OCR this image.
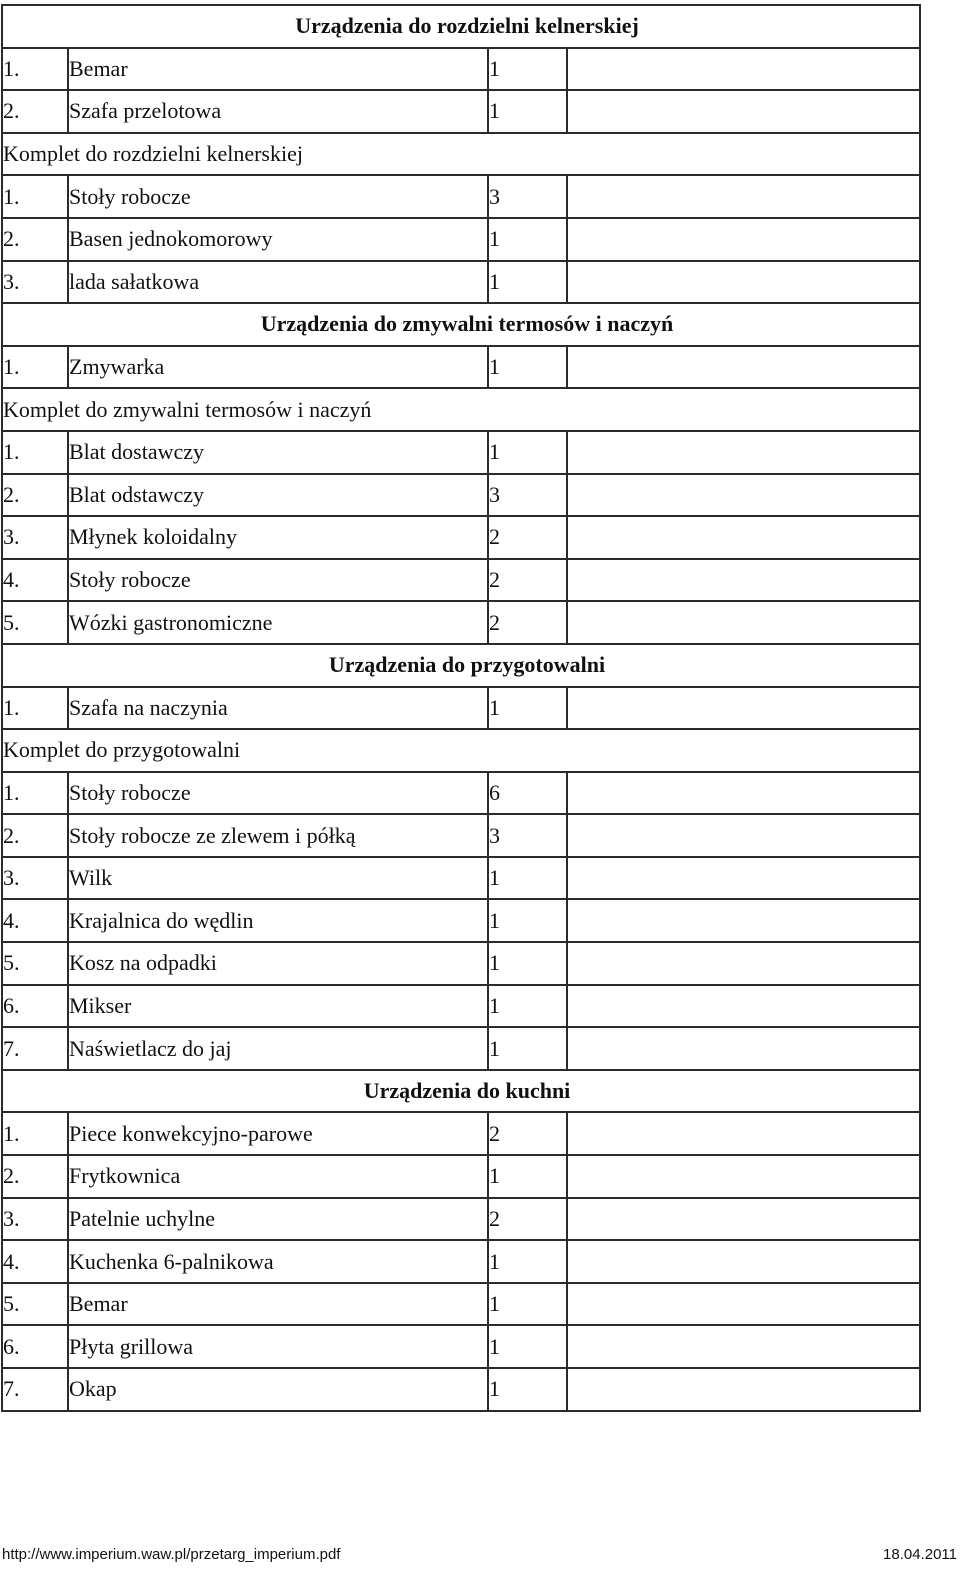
Urządzenia do rozdzielni kelnerskiej			
1.	Bemar	1	
2.	Szafa przelotowa	1	
Komplet do rozdzielni kelnerskiej			
1.	Stoły robocze	3	
2.	Basen jednokomorowy	1	
3.	lada sałatkowa	1	
Urządzenia do zmywalni termosów i naczyń			
1.	Zmywarka	1	
Komplet do zmywalni termosów i naczyń			
1.	Blat dostawczy	1	
2.	Blat odstawczy	3	
3.	Młynek koloidalny	2	
4.	Stoły robocze	2	
5.	Wózki gastronomiczne	2	
Urządzenia do przygotowalni			
1.	Szafa na naczynia	1	
Komplet do przygotowalni			
1.	Stoły robocze	6	
2.	Stoły robocze ze zlewem i półką	3	
3.	Wilk	1	
4.	Krajalnica do wędlin	1	
5.	Kosz na odpadki	1	
6.	Mikser	1	
7.	Naświetlacz do jaj	1	
Urządzenia do kuchni			
1.	Piece konwekcyjno-parowe	2	
2.	Frytkownica	1	
3.	Patelnie uchylne	2	
4.	Kuchenka 6-palnikowa	1	
5.	Bemar	1	
6.	Płyta grillowa	1	
7.	Okap	1	
http://www.imperium.waw.pl/przetarg_imperium.pdf	18.04.2011
